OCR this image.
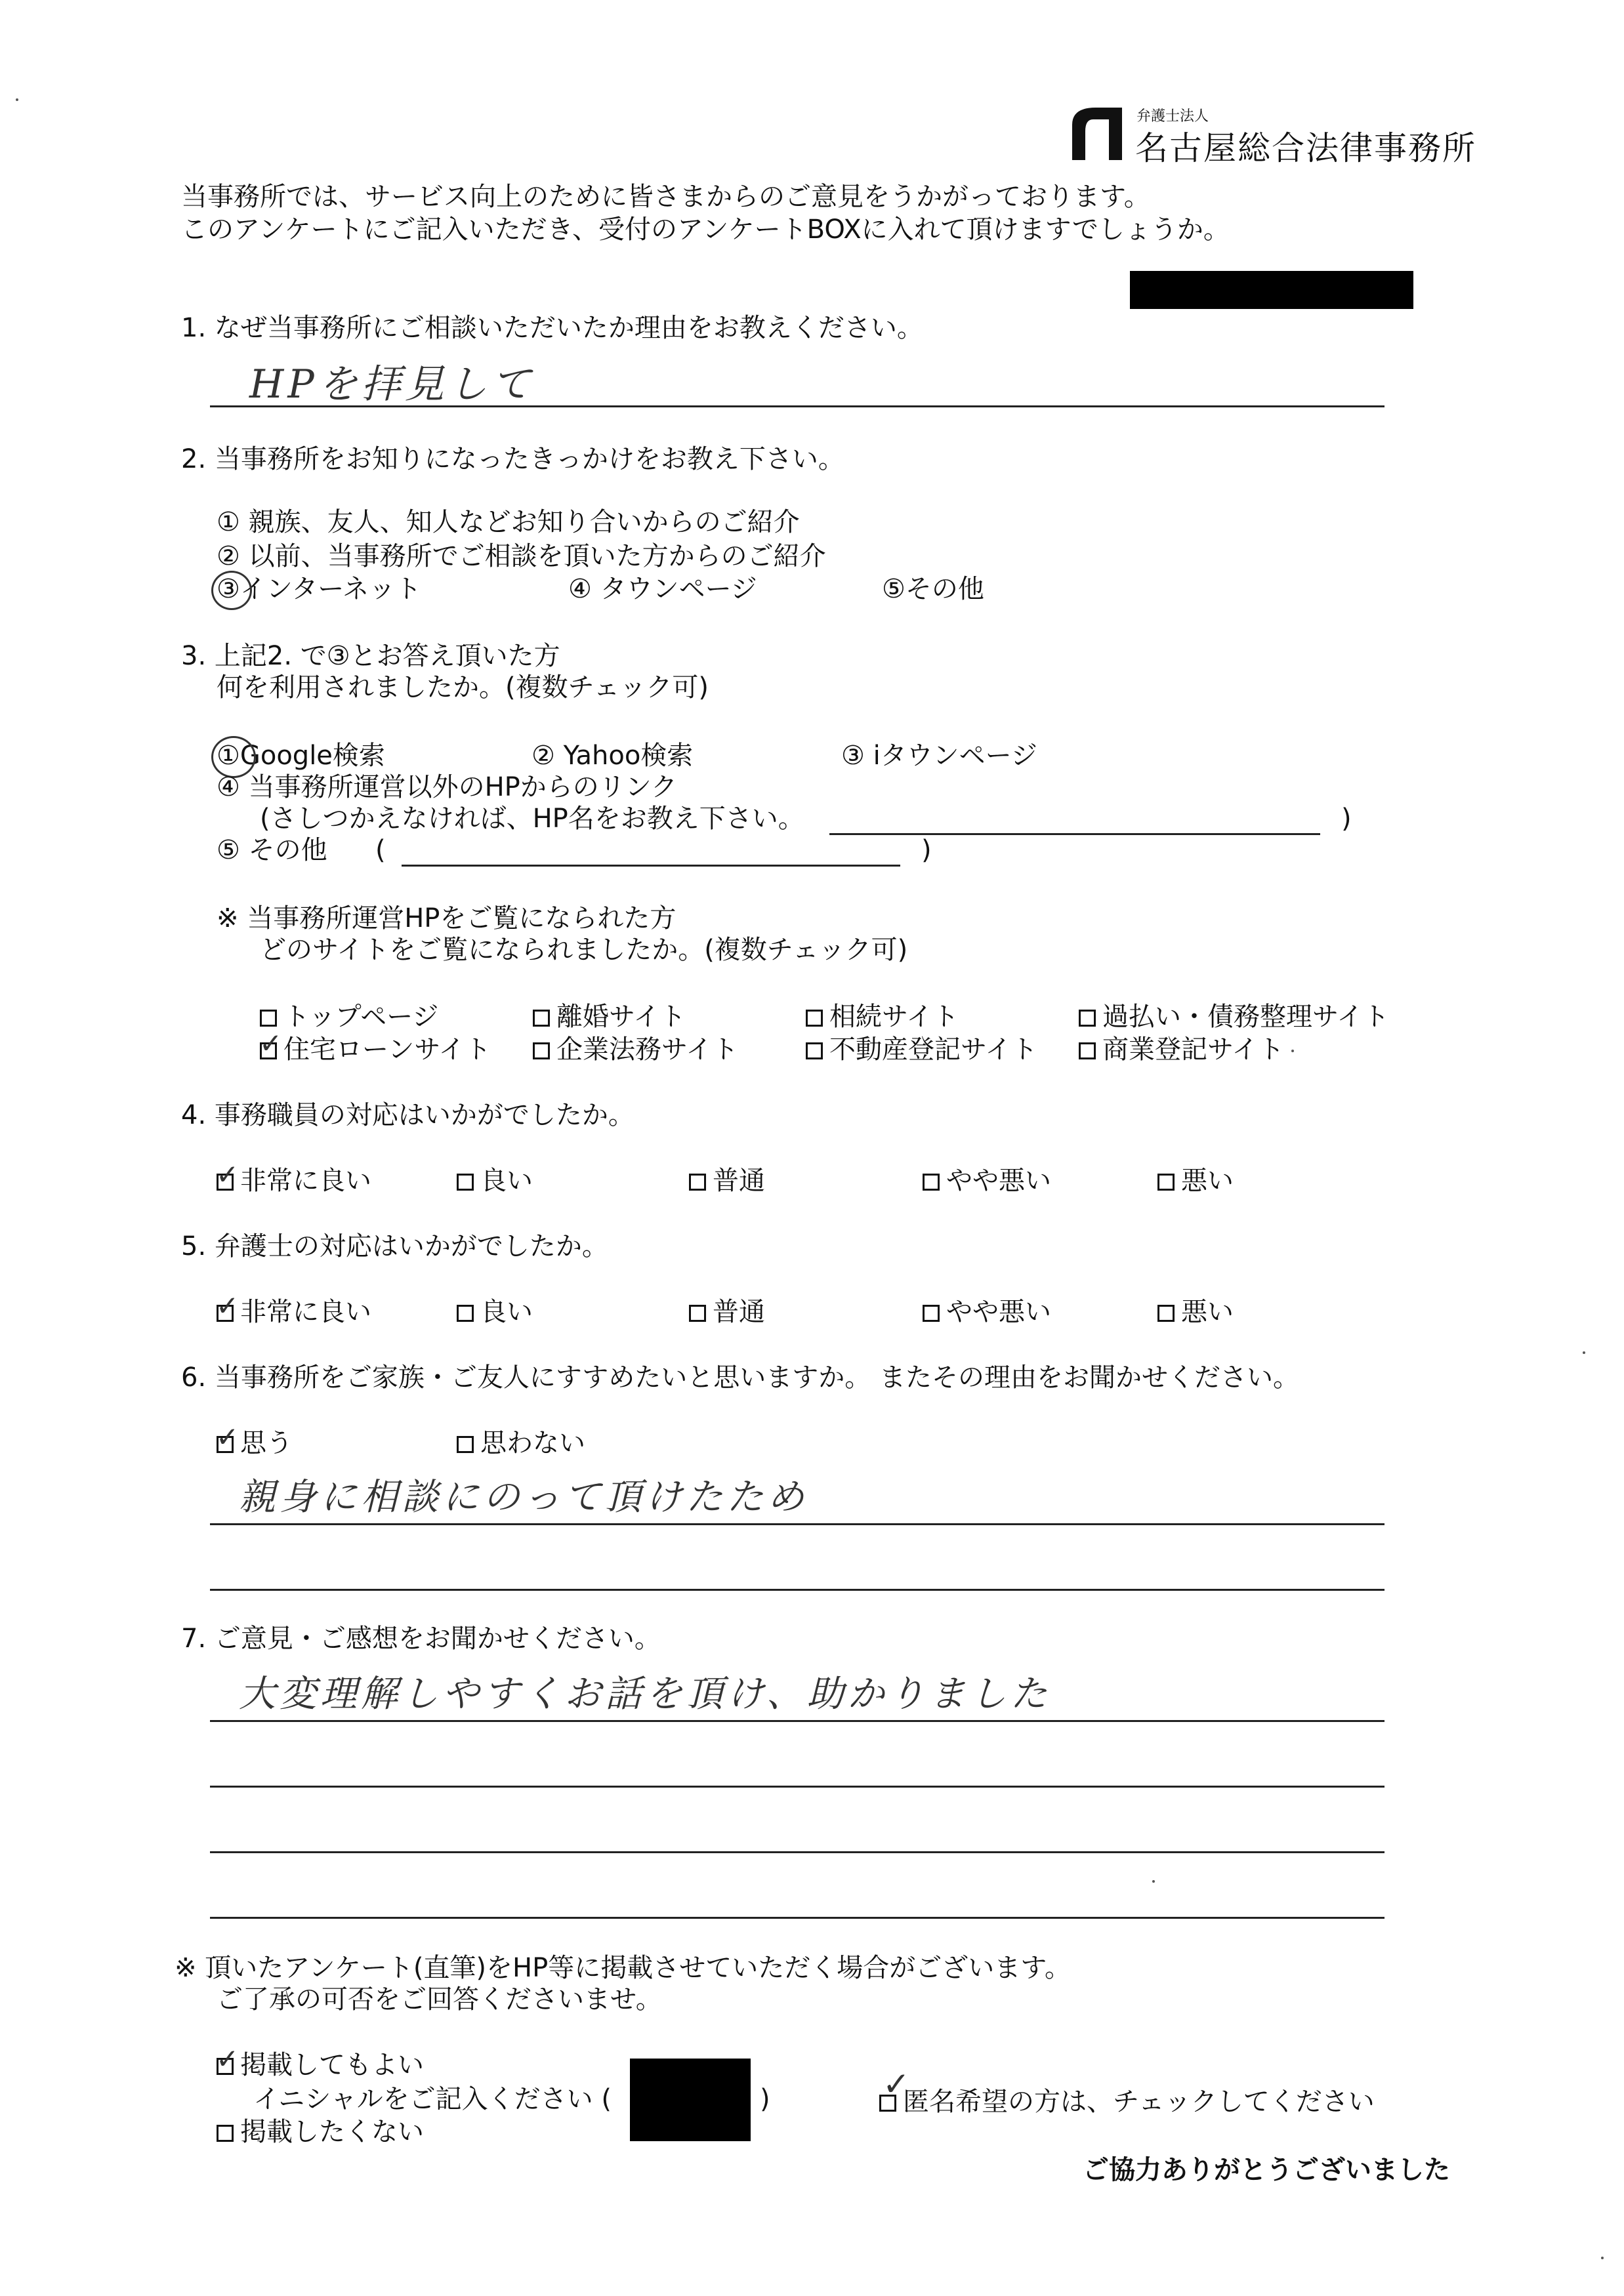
弁護士法人
名古屋総合法律事務所
当事務所では、サービス向上のために皆さまからのご意見をうかがっております。
このアンケートにご記入いただき、受付のアンケートBOXに入れて頂けますでしょうか。
1. なぜ当事務所にご相談いただいたか理由をお教えください。
HPを拝見して
2. 当事務所をお知りになったきっかけをお教え下さい。
① 親族、友人、知人などお知り合いからのご紹介
② 以前、当事務所でご相談を頂いた方からのご紹介
③インターネット	④ タウンページ	⑤その他
3. 上記2. で③とお答え頂いた方
何を利用されましたか。(複数チェック可)
①Google検索	② Yahoo検索	③ iタウンページ
④ 当事務所運営以外のHPからのリンク
(さしつかえなければ、HP名をお教え下さい。	)
⑤ その他 (	)
※ 当事務所運営HPをご覧になられた方
どのサイトをご覧になられましたか。(複数チェック可)
トップページ	離婚サイト	相続サイト	過払い・債務整理サイト
✓ 住宅ローンサイト	企業法務サイト	不動産登記サイト	商業登記サイト
4. 事務職員の対応はいかがでしたか。
✓ 非常に良い	良い	普通	やや悪い	悪い
5. 弁護士の対応はいかがでしたか。
✓ 非常に良い	良い	普通	やや悪い	悪い
6. 当事務所をご家族・ご友人にすすめたいと思いますか。 またその理由をお聞かせください。
✓ 思う	思わない
親身に相談にのって頂けたため
7. ご意見・ご感想をお聞かせください。
大変理解しやすくお話を頂け、助かりました
※ 頂いたアンケート(直筆)をHP等に掲載させていただく場合がございます。
ご了承の可否をご回答くださいませ。
✓ 掲載してもよい
イニシャルをご記入ください (	)	✓
匿名希望の方は、チェックしてください
掲載したくない
ご協力ありがとうございました
